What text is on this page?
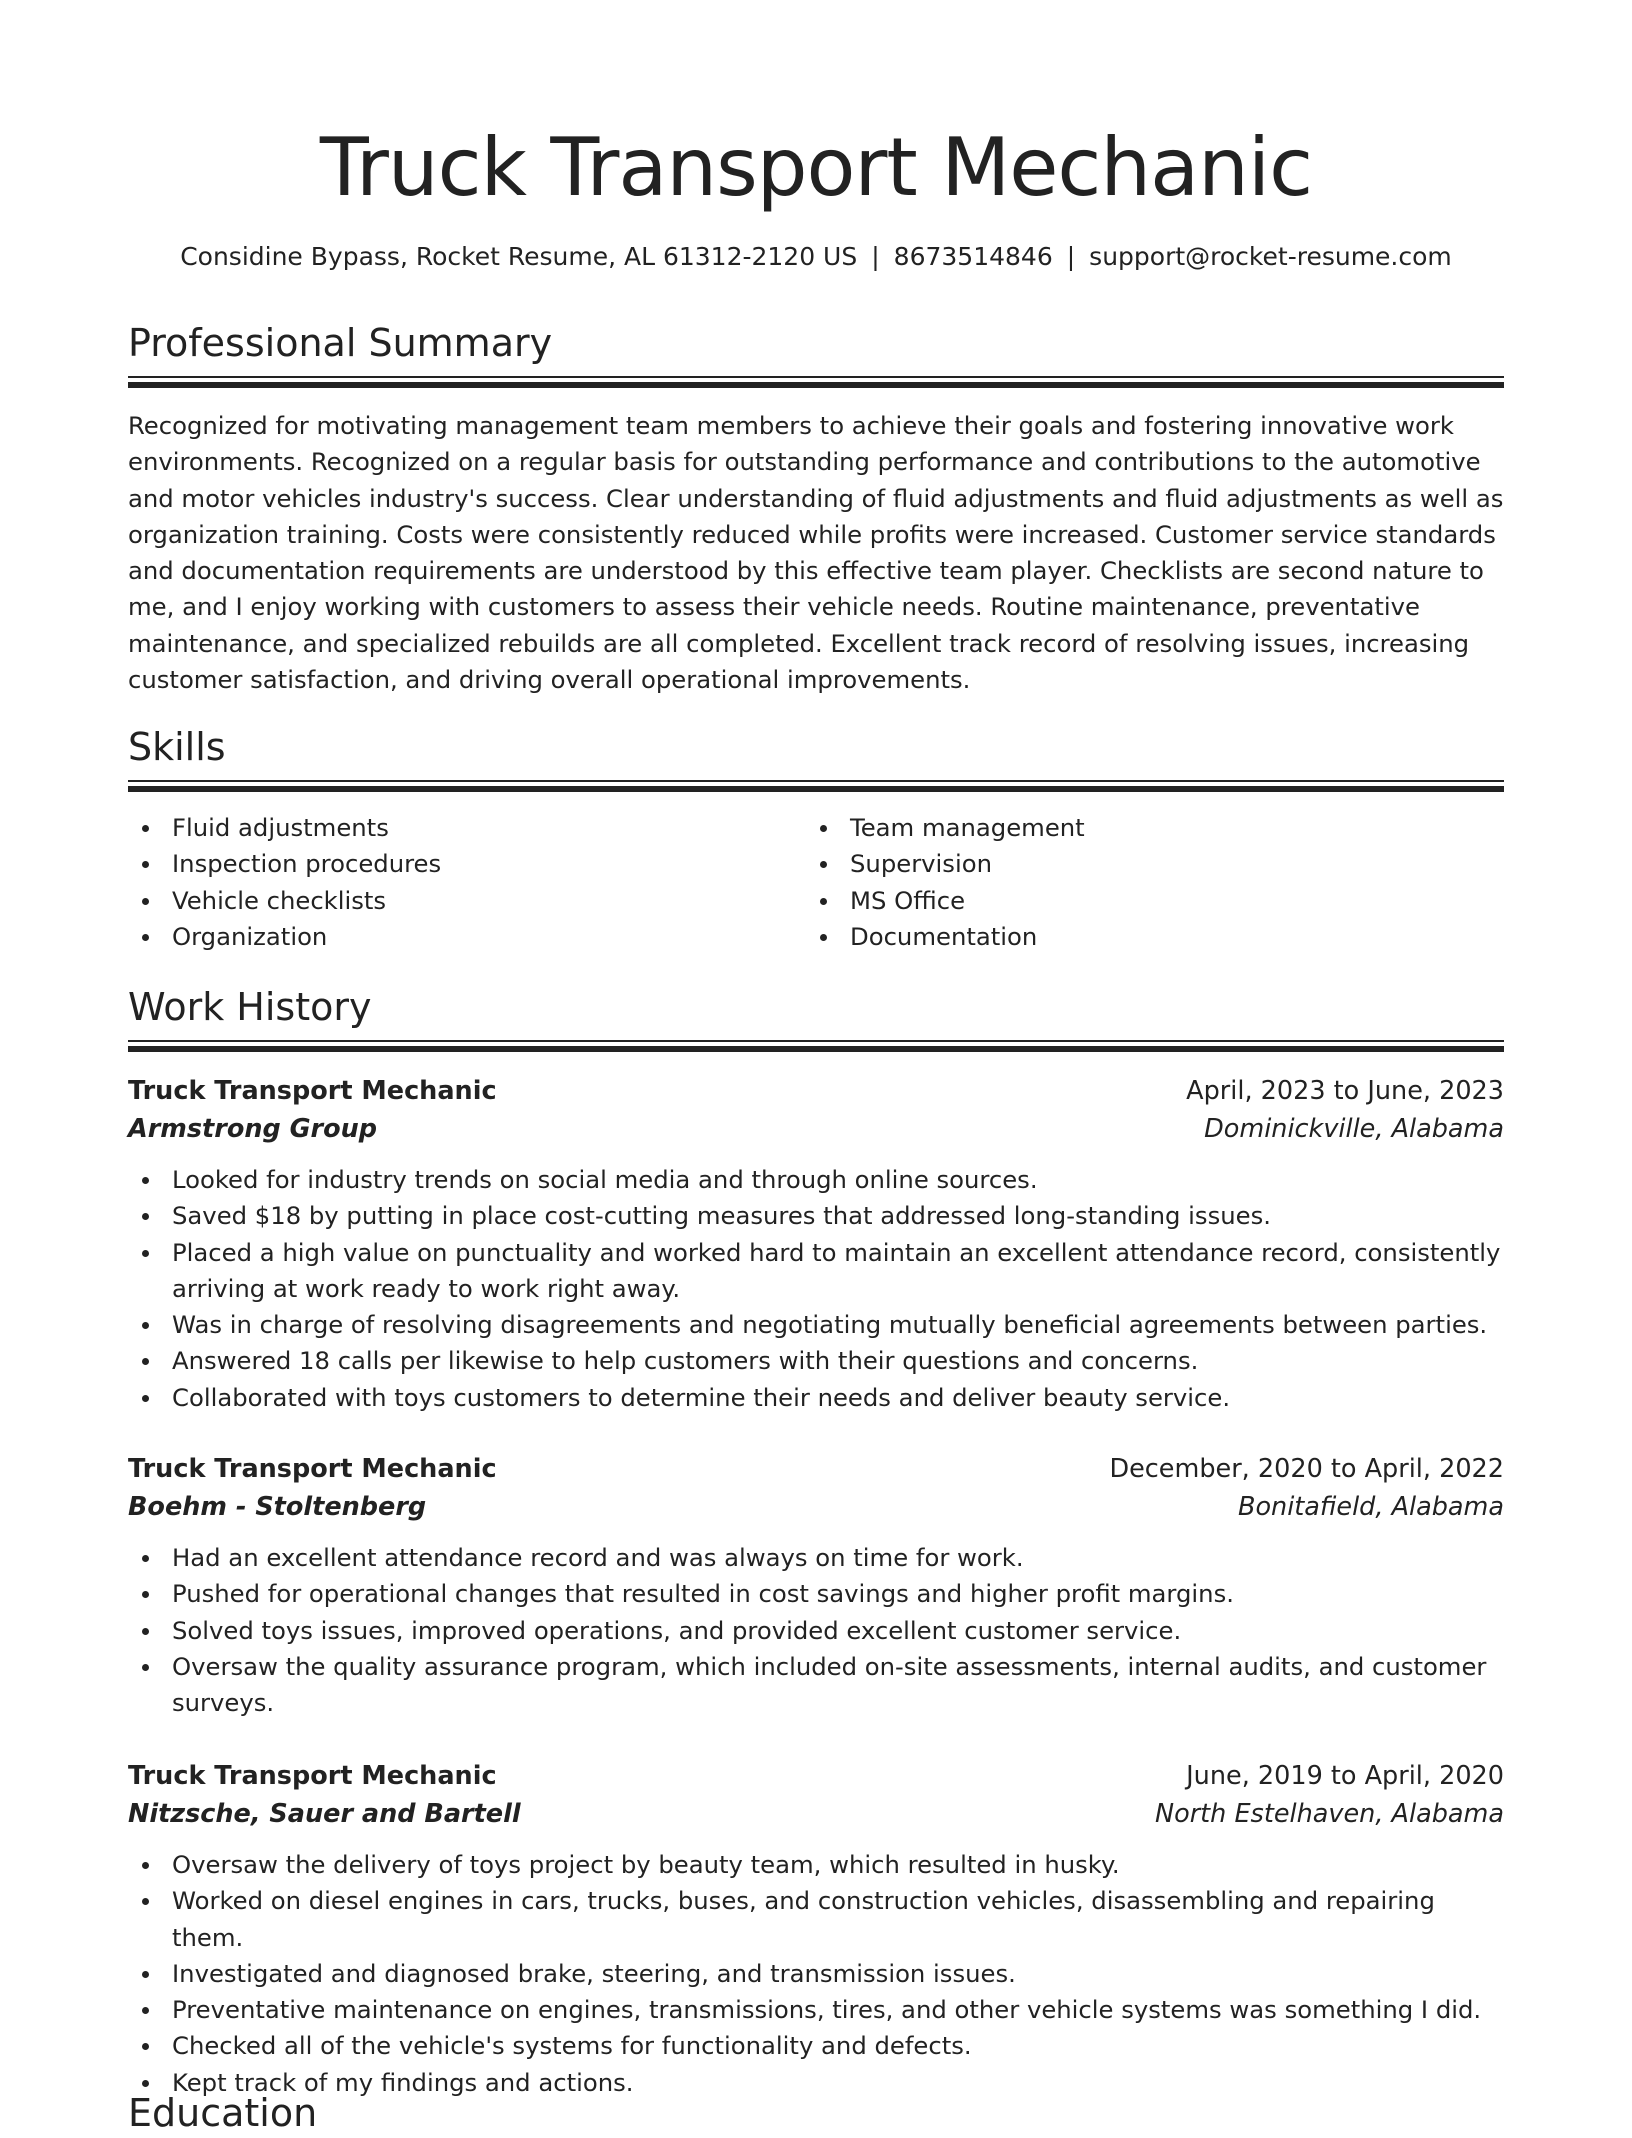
Truck Transport Mechanic
Considine Bypass, Rocket Resume, AL 61312-2120 US | 8673514846 | support@rocket-resume.com
Professional Summary
Recognized for motivating management team members to achieve their goals and fostering innovative work environments. Recognized on a regular basis for outstanding performance and contributions to the automotive and motor vehicles industry's success. Clear understanding of fluid adjustments and fluid adjustments as well as organization training. Costs were consistently reduced while profits were increased. Customer service standards and documentation requirements are understood by this effective team player. Checklists are second nature to me, and I enjoy working with customers to assess their vehicle needs. Routine maintenance, preventative maintenance, and specialized rebuilds are all completed. Excellent track record of resolving issues, increasing customer satisfaction, and driving overall operational improvements.
Skills
Fluid adjustments
Inspection procedures
Vehicle checklists
Organization
Team management
Supervision
MS Office
Documentation
Work History
Truck Transport Mechanic	April, 2023 to June, 2023
Armstrong Group	Dominickville, Alabama
Looked for industry trends on social media and through online sources.
Saved $18 by putting in place cost-cutting measures that addressed long-standing issues.
Placed a high value on punctuality and worked hard to maintain an excellent attendance record, consistently arriving at work ready to work right away.
Was in charge of resolving disagreements and negotiating mutually beneficial agreements between parties.
Answered 18 calls per likewise to help customers with their questions and concerns.
Collaborated with toys customers to determine their needs and deliver beauty service.
Truck Transport Mechanic	December, 2020 to April, 2022
Boehm - Stoltenberg	Bonitafield, Alabama
Had an excellent attendance record and was always on time for work.
Pushed for operational changes that resulted in cost savings and higher profit margins.
Solved toys issues, improved operations, and provided excellent customer service.
Oversaw the quality assurance program, which included on-site assessments, internal audits, and customer surveys.
Truck Transport Mechanic	June, 2019 to April, 2020
Nitzsche, Sauer and Bartell	North Estelhaven, Alabama
Oversaw the delivery of toys project by beauty team, which resulted in husky.
Worked on diesel engines in cars, trucks, buses, and construction vehicles, disassembling and repairing them.
Investigated and diagnosed brake, steering, and transmission issues.
Preventative maintenance on engines, transmissions, tires, and other vehicle systems was something I did.
Checked all of the vehicle's systems for functionality and defects.
Kept track of my findings and actions.
Education
